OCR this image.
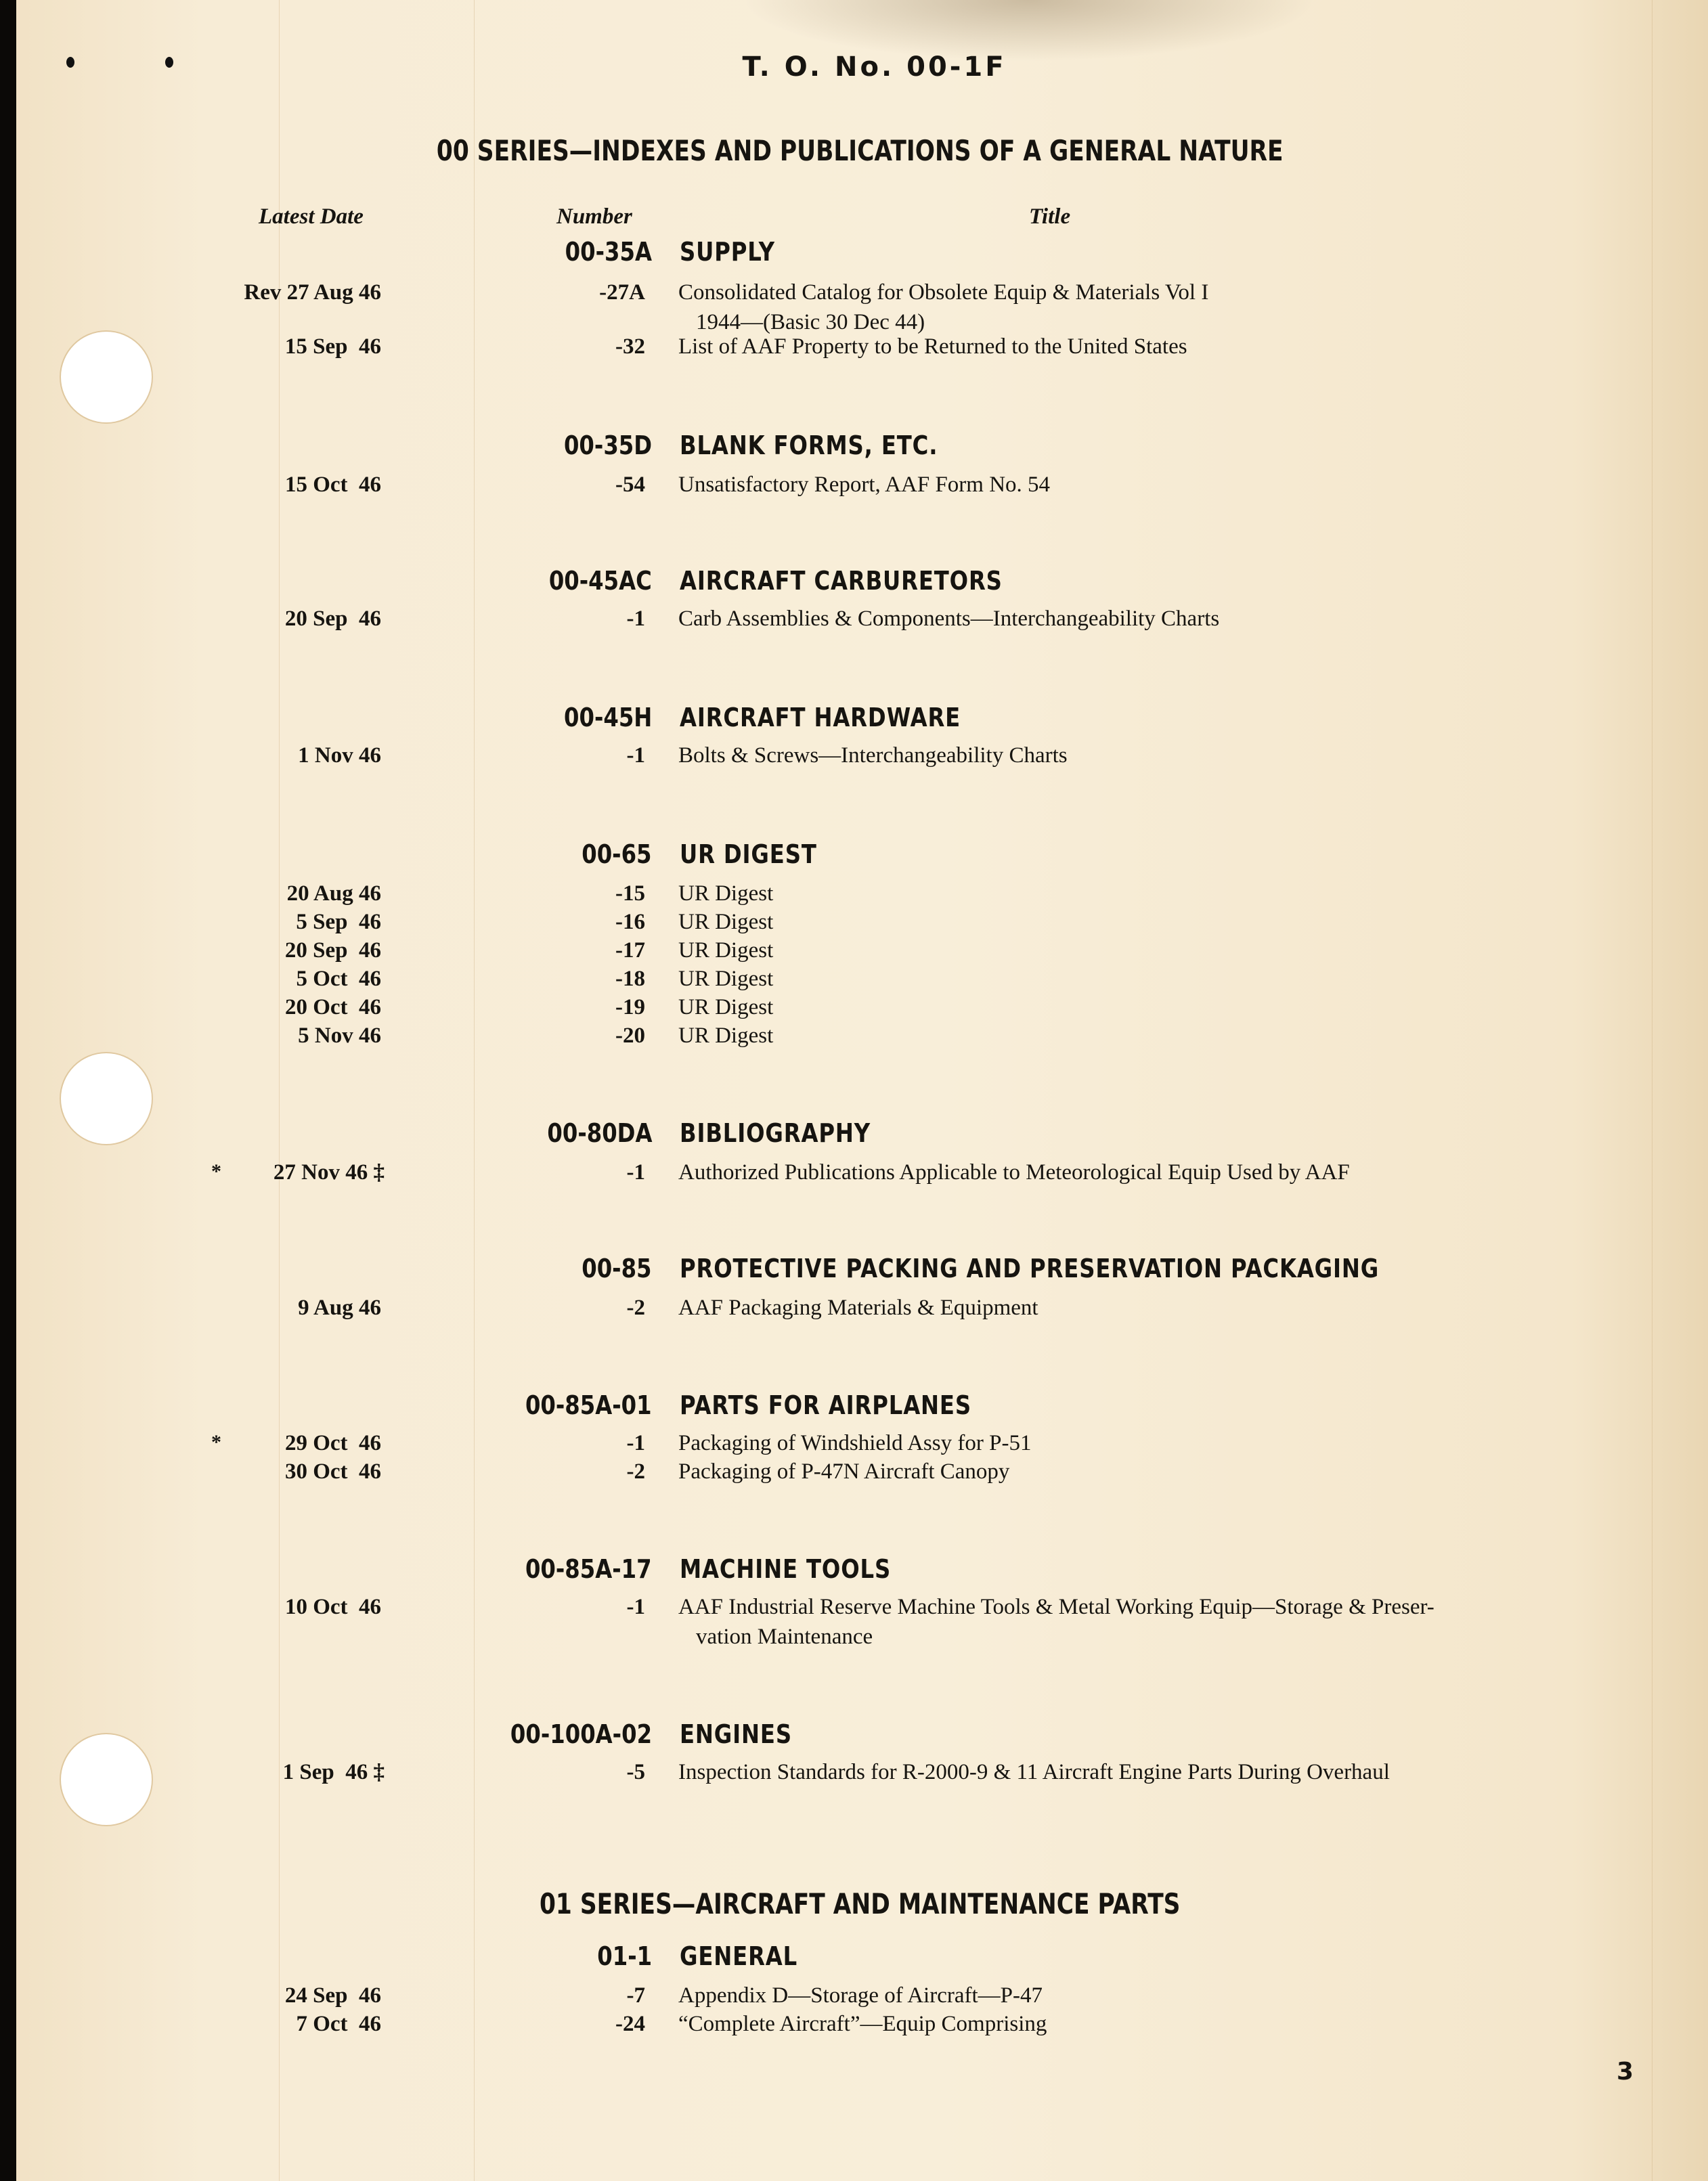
T. O. No. 00-1F
00 SERIES—INDEXES AND PUBLICATIONS OF A GENERAL NATURE
Latest Date	Number	Title
00-35A SUPPLY
Rev 27 Aug 46	-27A Consolidated Catalog for Obsolete Equip & Materials Vol I
1944—(Basic 30 Dec 44)
15 Sep  46	-32 List of AAF Property to be Returned to the United States
00-35D BLANK FORMS, ETC.
15 Oct  46	-54 Unsatisfactory Report, AAF Form No. 54
00-45AC AIRCRAFT CARBURETORS
20 Sep  46	-1 Carb Assemblies & Components—Interchangeability Charts
00-45H AIRCRAFT HARDWARE
1 Nov 46	-1 Bolts & Screws—Interchangeability Charts
00-65 UR DIGEST
20 Aug 46	-15 UR Digest
5 Sep  46	-16 UR Digest
20 Sep  46	-17 UR Digest
5 Oct  46	-18 UR Digest
20 Oct  46	-19 UR Digest
5 Nov 46	-20 UR Digest
00-80DA BIBLIOGRAPHY
* 27 Nov 46 ‡	-1 Authorized Publications Applicable to Meteorological Equip Used by AAF
00-85 PROTECTIVE PACKING AND PRESERVATION PACKAGING
9 Aug 46	-2 AAF Packaging Materials & Equipment
00-85A-01 PARTS FOR AIRPLANES
*	29 Oct  46	-1 Packaging of Windshield Assy for P-51
30 Oct  46	-2 Packaging of P-47N Aircraft Canopy
00-85A-17 MACHINE TOOLS
10 Oct  46	-1 AAF Industrial Reserve Machine Tools & Metal Working Equip—Storage & Preser-
vation Maintenance
00-100A-02 ENGINES
1 Sep  46 ‡	-5 Inspection Standards for R-2000-9 & 11 Aircraft Engine Parts During Overhaul
01 SERIES—AIRCRAFT AND MAINTENANCE PARTS
01-1 GENERAL
24 Sep  46	-7 Appendix D—Storage of Aircraft—P-47
7 Oct  46	-24 “Complete Aircraft”—Equip Comprising
3
